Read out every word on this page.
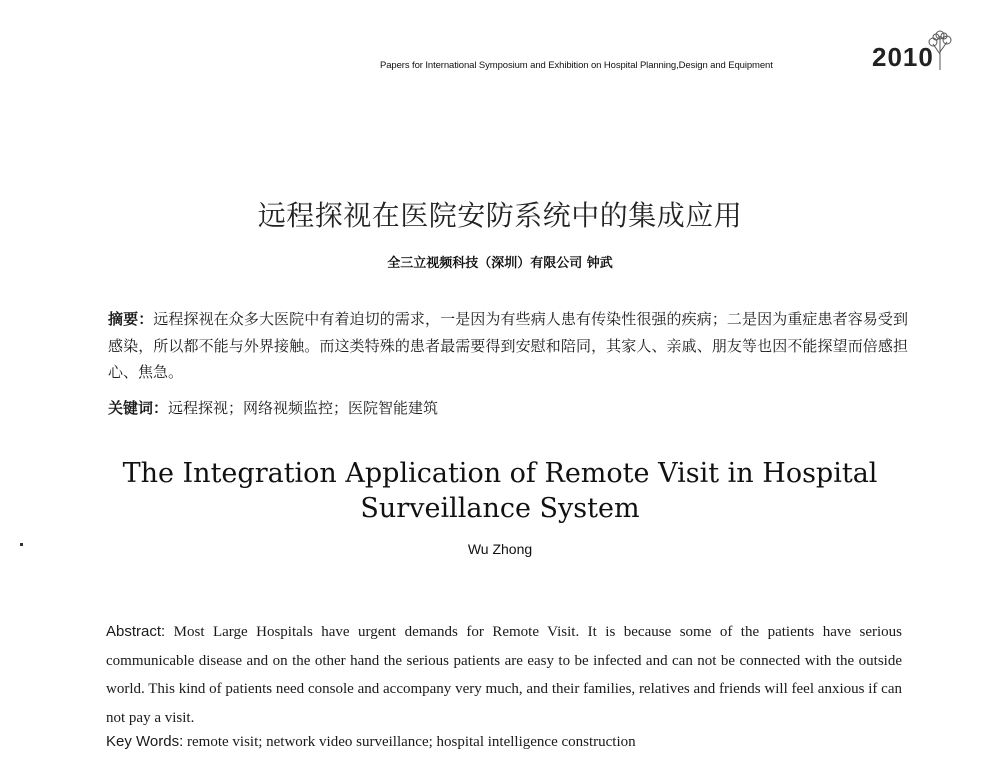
Papers for International Symposium and Exhibition on Hospital Planning,Design and Equipment	2010
远程探视在医院安防系统中的集成应用
全三立视频科技（深圳）有限公司 钟武
摘要：远程探视在众多大医院中有着迫切的需求，一是因为有些病人患有传染性很强的疾病；二是因为重症患者容易受到感染，所以都不能与外界接触。而这类特殊的患者最需要得到安慰和陪同，其家人、亲戚、朋友等也因不能探望而倍感担心、焦急。
关键词：远程探视；网络视频监控；医院智能建筑
The Integration Application of Remote Visit in Hospital
Surveillance System
Wu Zhong
Abstract: Most Large Hospitals have urgent demands for Remote Visit. It is because some of the patients have serious communicable disease and on the other hand the serious patients are easy to be infected and can not be connected with the outside world. This kind of patients need console and accompany very much, and their families, relatives and friends will feel anxious if can not pay a visit.
Key Words: remote visit; network video surveillance; hospital intelligence construction
